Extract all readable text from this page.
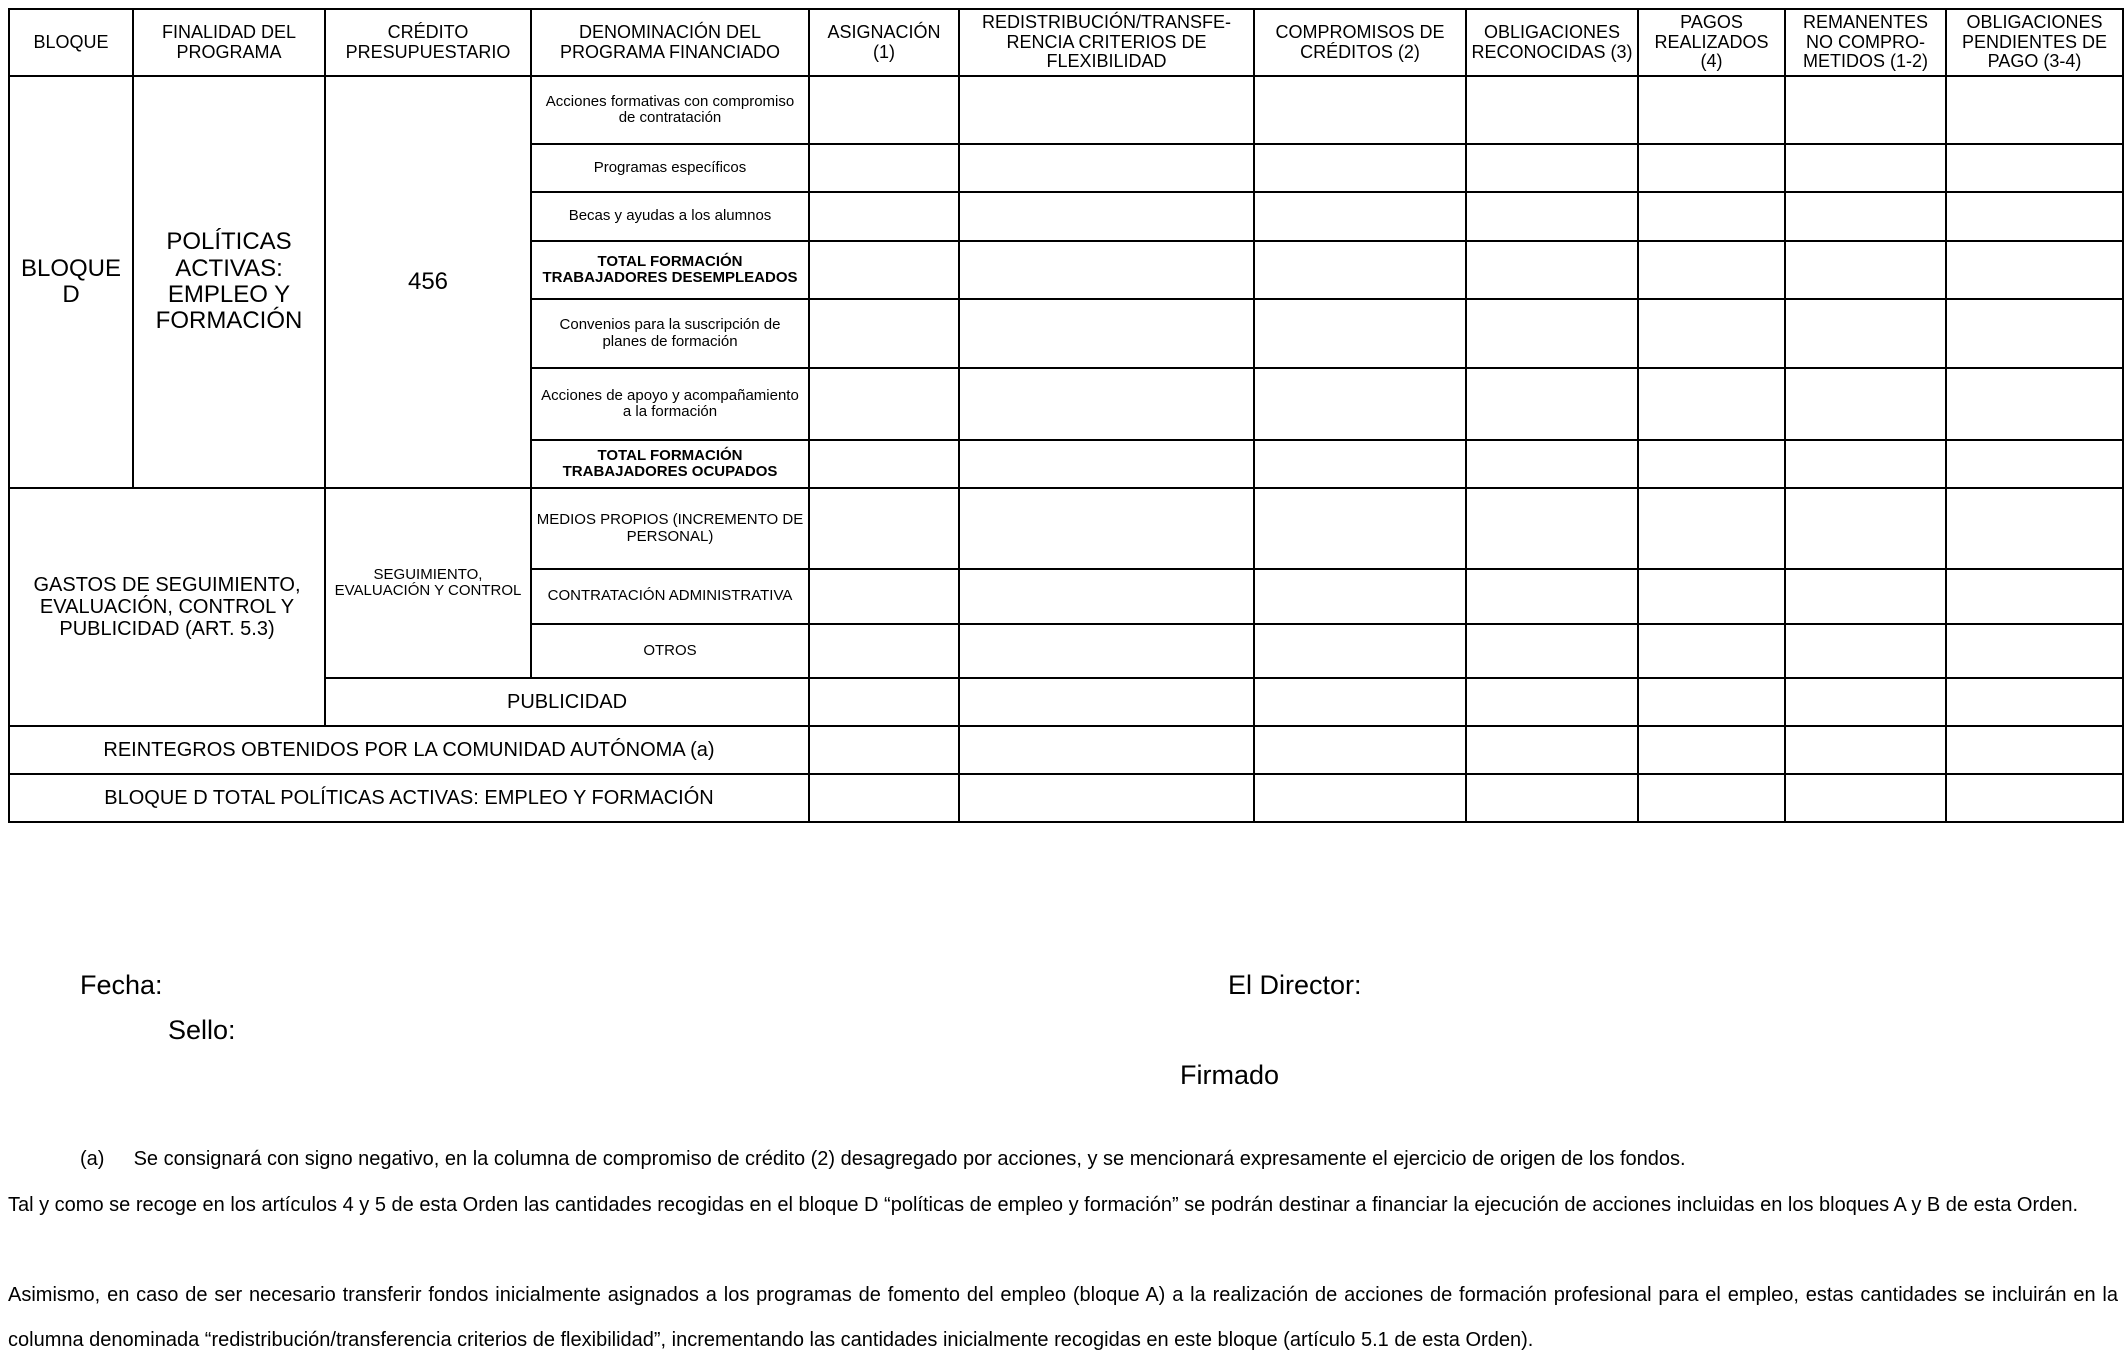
BLOQUE	FINALIDAD DEL PROGRAMA	CRÉDITO PRESUPUESTARIO	DENOMINACIÓN DEL PROGRAMA FINANCIADO	ASIGNACIÓN (1)	REDISTRIBUCIÓN/TRANSFE-RENCIA CRITERIOS DE FLEXIBILIDAD	COMPROMISOS DE CRÉDITOS (2)	OBLIGACIONES RECONOCIDAS (3)	PAGOS REALIZADOS (4)	REMANENTES NO COMPRO-METIDOS (1-2)	OBLIGACIONES PENDIENTES DE PAGO (3-4)
BLOQUE D	POLÍTICAS ACTIVAS: EMPLEO Y FORMACIÓN	456	Acciones formativas con compromiso de contratación							
			Programas específicos							
			Becas y ayudas a los alumnos							
			TOTAL FORMACIÓN TRABAJADORES DESEMPLEADOS							
			Convenios para la suscripción de planes de formación							
			Acciones de apoyo y acompañamiento a la formación							
			TOTAL FORMACIÓN TRABAJADORES OCUPADOS							
GASTOS DE SEGUIMIENTO, EVALUACIÓN, CONTROL Y PUBLICIDAD (ART. 5.3)		SEGUIMIENTO, EVALUACIÓN Y CONTROL	MEDIOS PROPIOS (INCREMENTO DE PERSONAL)							
			CONTRATACIÓN ADMINISTRATIVA							
			OTROS							
		PUBLICIDAD								
REINTEGROS OBTENIDOS POR LA COMUNIDAD AUTÓNOMA (a)										
BLOQUE D TOTAL POLÍTICAS ACTIVAS: EMPLEO Y FORMACIÓN										
Fecha:
Sello:
El Director:
Firmado
(a) Se consignará con signo negativo, en la columna de compromiso de crédito (2) desagregado por acciones, y se mencionará expresamente el ejercicio de origen de los fondos.
Tal y como se recoge en los artículos 4 y 5 de esta Orden las cantidades recogidas en el bloque D “políticas de empleo y formación” se podrán destinar a financiar la ejecución de acciones incluidas en los bloques A y B de esta Orden.
Asimismo, en caso de ser necesario transferir fondos inicialmente asignados a los programas de fomento del empleo (bloque A) a la realización de acciones de formación profesional para el empleo, estas cantidades se incluirán en la columna denominada “redistribución/transferencia criterios de flexibilidad”, incrementando las cantidades inicialmente recogidas en este bloque (artículo 5.1 de esta Orden).
